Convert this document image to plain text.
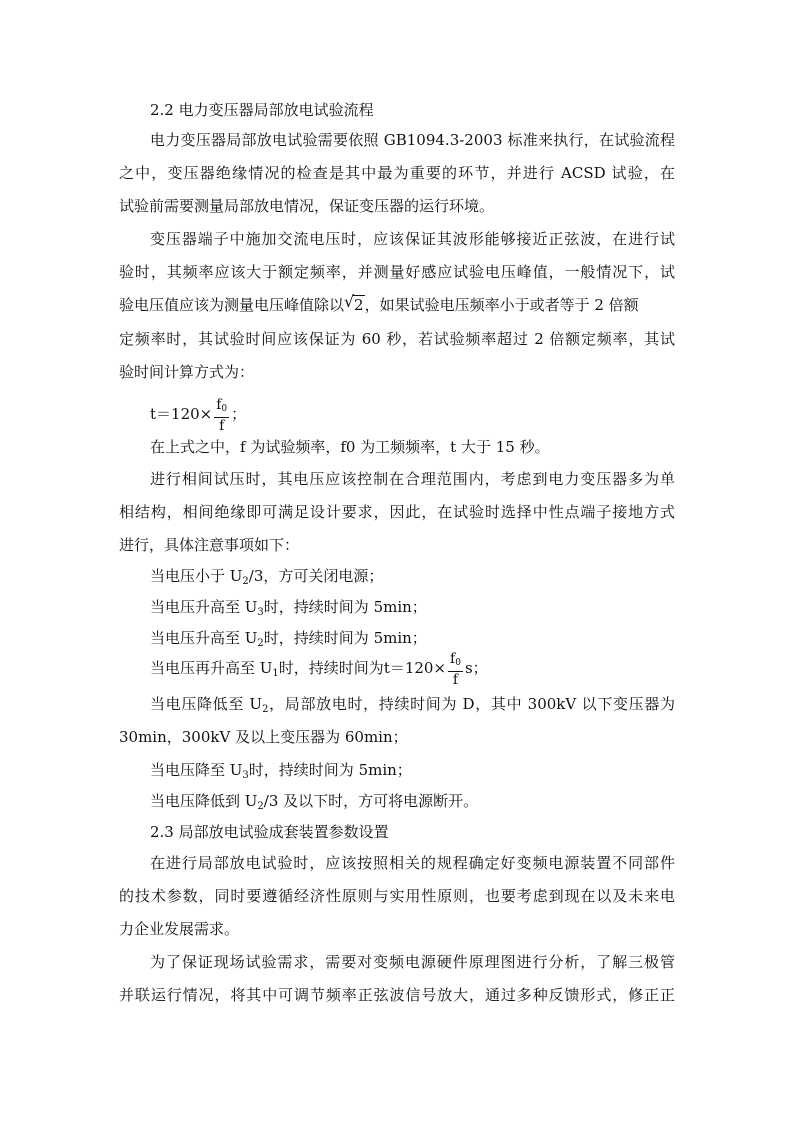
2.2 电力变压器局部放电试验流程
电力变压器局部放电试验需要依照 GB1094.3-2003 标准来执行，在试验流程
之中，变压器绝缘情况的检查是其中最为重要的环节，并进行 ACSD 试验，在
试验前需要测量局部放电情况，保证变压器的运行环境。
变压器端子中施加交流电压时，应该保证其波形能够接近正弦波，在进行试
验时，其频率应该大于额定频率，并测量好感应试验电压峰值，一般情况下，试
验电压值应该为测量电压峰值除以 √ 2，如果试验电压频率小于或者等于 2 倍额
定频率时，其试验时间应该保证为 60 秒，若试验频率超过 2 倍额定频率，其试
验时间计算方式为：
$t=120\times \frac{f_0}{f}$ ；
在上式之中，f 为试验频率，f0 为工频频率，t 大于 15 秒。
进行相间试压时，其电压应该控制在合理范围内，考虑到电力变压器多为单
相结构，相间绝缘即可满足设计要求，因此，在试验时选择中性点端子接地方式
进行，具体注意事项如下：
当电压小于 $U_2/3$，方可关闭电源；
当电压升高至 $U_3$时，持续时间为 5min；
当电压升高至 $U_2$时，持续时间为 5min；
当电压再升高至 $U_1$时，持续时间为$t=120\times \frac{f_0}{f}$ s；
当电压降低至 $U_2$，局部放电时，持续时间为 D，其中 300kV 以下变压器为
30min，300kV 及以上变压器为 60min；
当电压降至 $U_3$时，持续时间为 5min；
当电压降低到 $U_2/3$ 及以下时，方可将电源断开。
2.3 局部放电试验成套装置参数设置
在进行局部放电试验时，应该按照相关的规程确定好变频电源装置不同部件
的技术参数，同时要遵循经济性原则与实用性原则，也要考虑到现在以及未来电
力企业发展需求。
为了保证现场试验需求，需要对变频电源硬件原理图进行分析，了解三极管
并联运行情况，将其中可调节频率正弦波信号放大，通过多种反馈形式，修正正
